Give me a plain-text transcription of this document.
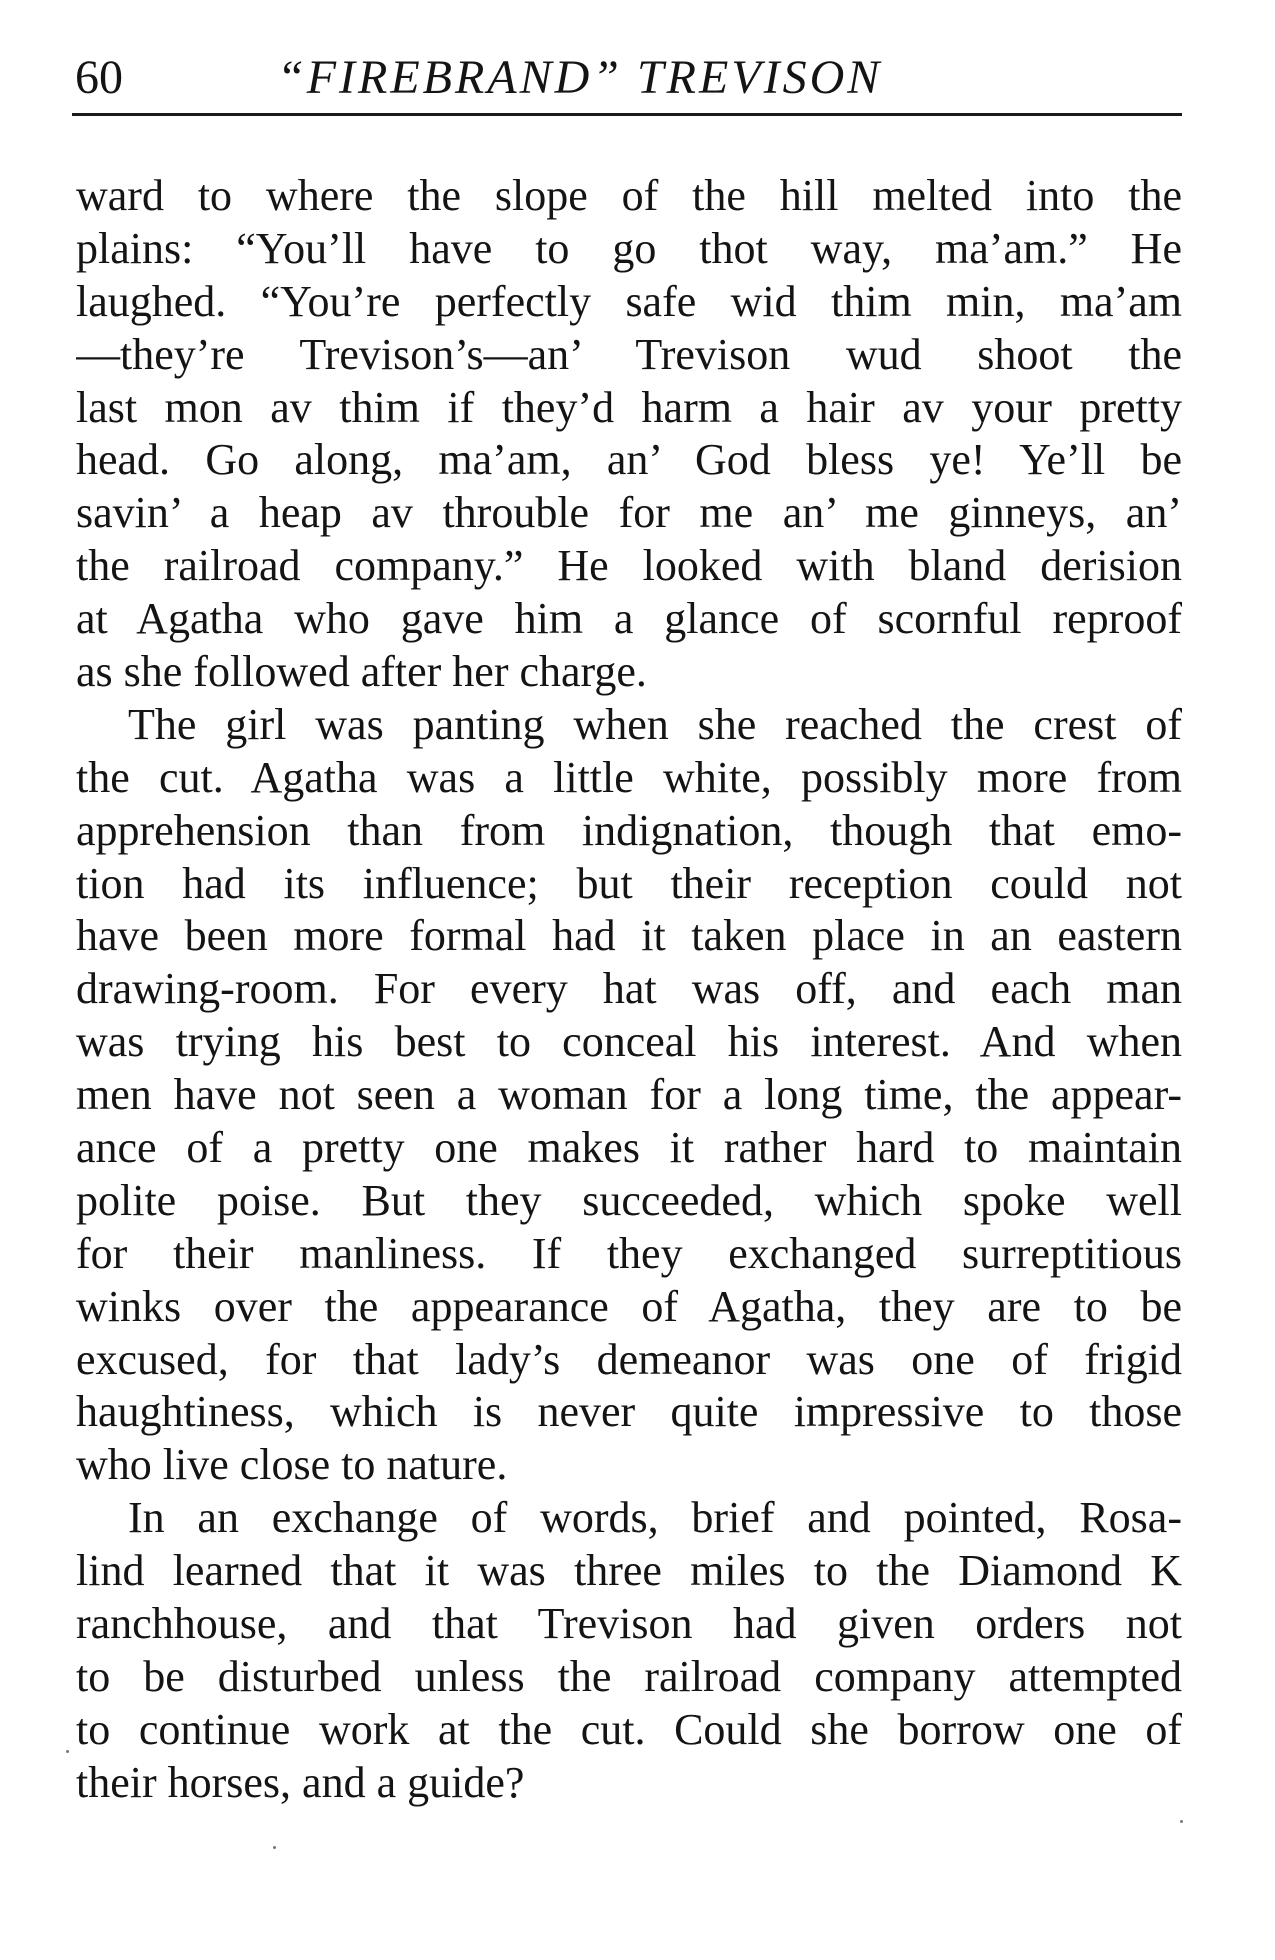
60	“FIREBRAND” TREVISON
ward to where the slope of the hill melted into the
plains: “You’ll have to go thot way, ma’am.” He
laughed. “You’re perfectly safe wid thim min, ma’am
—they’re Trevison’s—an’ Trevison wud shoot the
last mon av thim if they’d harm a hair av your pretty
head. Go along, ma’am, an’ God bless ye! Ye’ll be
savin’ a heap av throuble for me an’ me ginneys, an’
the railroad company.” He looked with bland derision
at Agatha who gave him a glance of scornful reproof
as she followed after her charge.
The girl was panting when she reached the crest of
the cut. Agatha was a little white, possibly more from
apprehension than from indignation, though that emo-
tion had its influence; but their reception could not
have been more formal had it taken place in an eastern
drawing-room. For every hat was off, and each man
was trying his best to conceal his interest. And when
men have not seen a woman for a long time, the appear-
ance of a pretty one makes it rather hard to maintain
polite poise. But they succeeded, which spoke well
for their manliness. If they exchanged surreptitious
winks over the appearance of Agatha, they are to be
excused, for that lady’s demeanor was one of frigid
haughtiness, which is never quite impressive to those
who live close to nature.
In an exchange of words, brief and pointed, Rosa-
lind learned that it was three miles to the Diamond K
ranchhouse, and that Trevison had given orders not
to be disturbed unless the railroad company attempted
to continue work at the cut. Could she borrow one of
their horses, and a guide?
